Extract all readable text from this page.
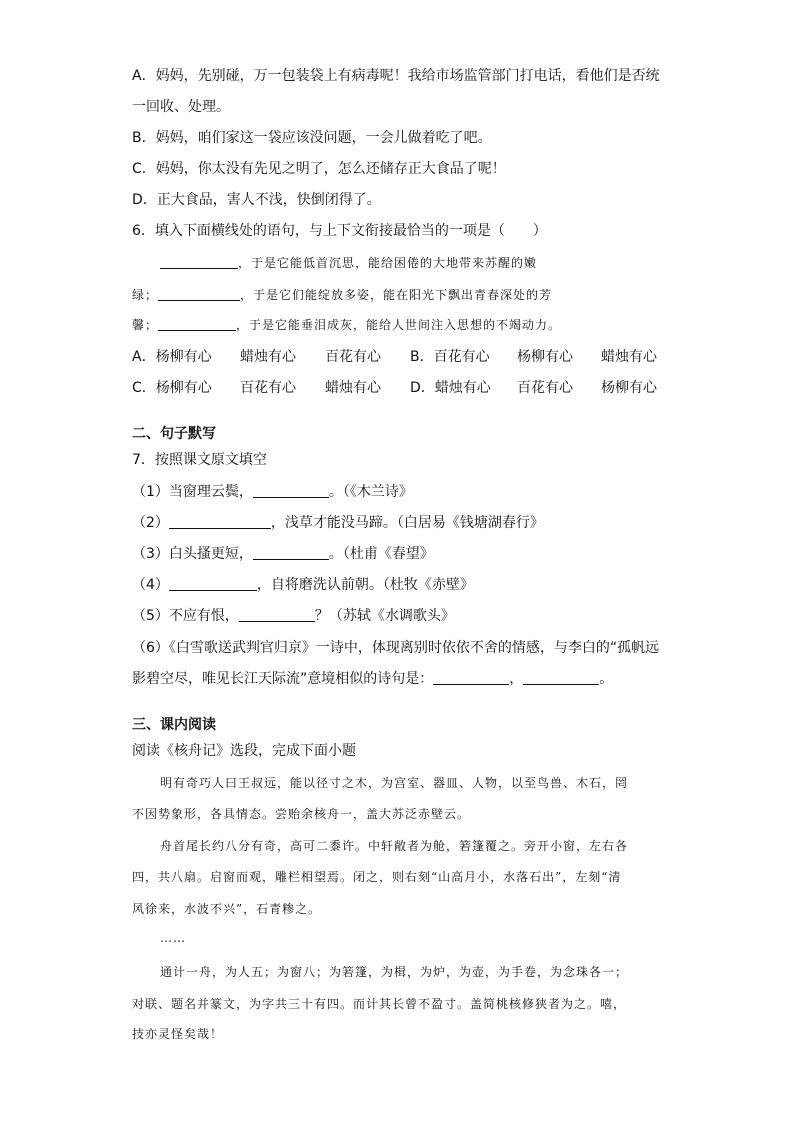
A．妈妈，先别碰，万一包装袋上有病毒呢！我给市场监管部门打电话，看他们是否统
一回收、处理。
B．妈妈，咱们家这一袋应该没问题，一会儿做着吃了吧。
C．妈妈，你太没有先见之明了，怎么还储存正大食品了呢！
D．正大食品，害人不浅，快倒闭得了。
6．填入下面横线处的语句，与上下文衔接最恰当的一项是（　　）
，于是它能低首沉思，能给困倦的大地带来苏醒的嫩
绿；	，于是它们能绽放多姿，能在阳光下飘出青春深处的芳
馨；	，于是它能垂泪成灰，能给人世间注入思想的不竭动力。
A．杨柳有心 蜡烛有心 百花有心 B．百花有心 杨柳有心 蜡烛有心
C．杨柳有心 百花有心 蜡烛有心 D．蜡烛有心 百花有心 杨柳有心
二、句子默写
7．按照课文原文填空
（1）当窗理云鬓，	。（《木兰诗》
（2）	，浅草才能没马蹄。（白居易《钱塘湖春行》
（3）白头搔更短，	。（杜甫《春望》
（4）	，自将磨洗认前朝。（杜牧《赤壁》
（5）不应有恨，	？（苏轼《水调歌头》
（6）《白雪歌送武判官归京》一诗中，体现离别时依依不舍的情感，与李白的“孤帆远
影碧空尽，唯见长江天际流”意境相似的诗句是：	，	。
三、课内阅读
阅读《核舟记》选段，完成下面小题
明有奇巧人曰王叔远，能以径寸之木，为宫室、器皿、人物，以至鸟兽、木石，罔
不因势象形，各具情态。尝贻余核舟一，盖大苏泛赤壁云。
舟首尾长约八分有奇，高可二黍许。中轩敞者为舱，箬篷覆之。旁开小窗，左右各
四，共八扇。启窗而观，雕栏相望焉。闭之，则右刻“山高月小，水落石出”，左刻“清
风徐来，水波不兴”，石青糁之。
……
通计一舟，为人五；为窗八；为箬篷，为楫，为炉，为壶，为手卷，为念珠各一；
对联、题名并篆文，为字共三十有四。而计其长曾不盈寸。盖简桃核修狭者为之。嘻，
技亦灵怪矣哉！
